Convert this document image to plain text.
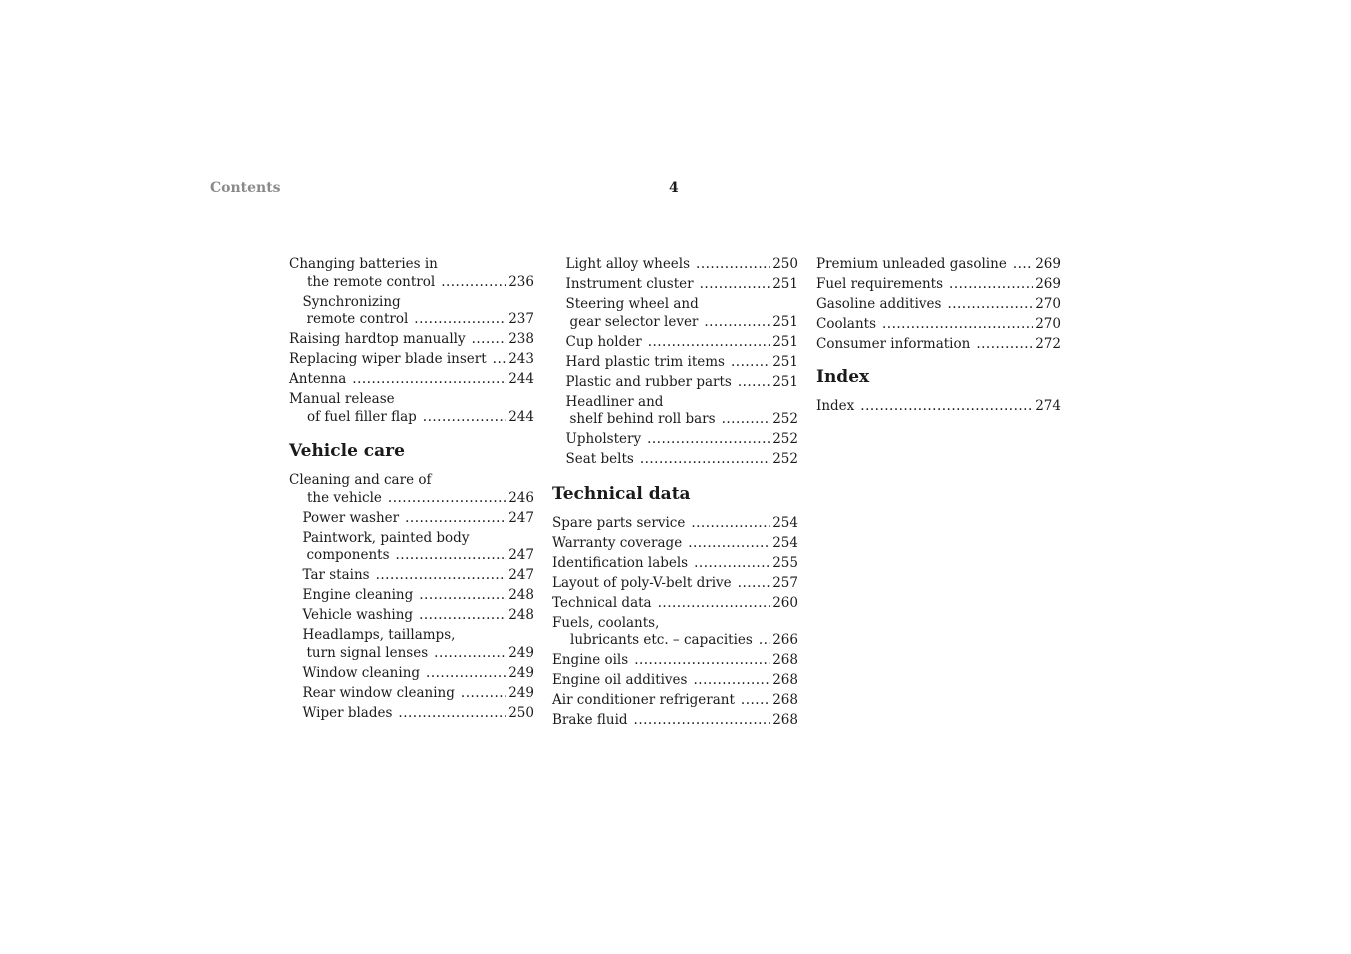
Contents	4
Changing batteries in
the remote control .....	236
Synchronizing
remote control .....	237
Raising hardtop manually .....	238
Replacing wiper blade insert ..... 243
Antenna .....	244
Manual release
of fuel filler flap .....	244
Vehicle care
Cleaning and care of
the vehicle .....	246
Power washer .....	247
Paintwork, painted body
components .....	247
Tar stains .....	247
Engine cleaning .....	248
Vehicle washing .....	248
Headlamps, taillamps,
turn signal lenses .....	249
Window cleaning .....	249
Rear window cleaning .....	249
Wiper blades .....	250
Light alloy wheels .....	250
Instrument cluster .....	251
Steering wheel and
gear selector lever .....	251
Cup holder .....	251
Hard plastic trim items .....	251
Plastic and rubber parts .....	251
Headliner and
shelf behind roll bars .....	252
Upholstery .....	252
Seat belts .....	252
Technical data
Spare parts service .....	254
Warranty coverage .....	254
Identification labels .....	255
Layout of poly-V-belt drive .....	257
Technical data .....	260
Fuels, coolants,
lubricants etc. – capacities ..... 266
Engine oils .....	268
Engine oil additives .....	268
Air conditioner refrigerant .....	268
Brake fluid .....	268
Premium unleaded gasoline ..... 269
Fuel requirements .....	269
Gasoline additives .....	270
Coolants .....	270
Consumer information .....	272
Index
Index .....	274
